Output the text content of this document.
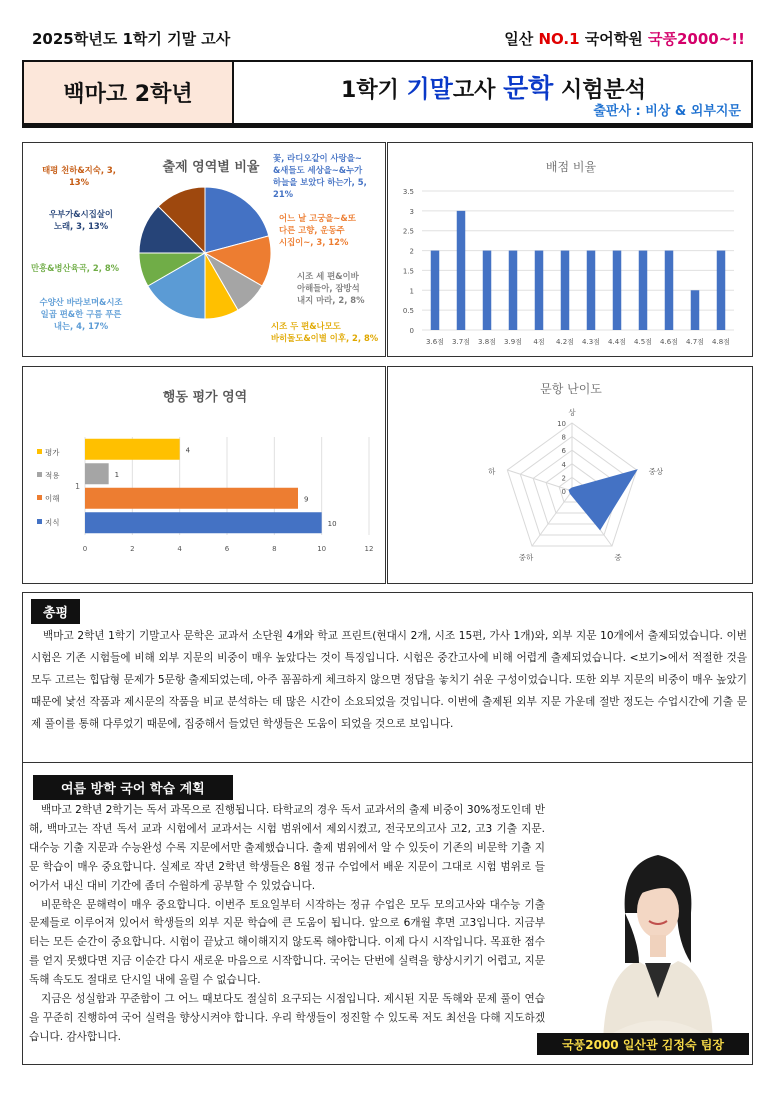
2025학년도 1학기 기말 고사	일산 NO.1 국어학원 국풍2000~!!
백마고 2학년	1학기 기말고사 문학 시험분석
출판사 : 비상 & 외부지문
출제 영역별 비율
꽃, 라디오같이 사랑을~ &새들도 세상을~&누가 하늘을 보았다 하는가, 5, 21%
어느 날 고궁을~&또 다른 고향, 운동주 시집이~, 3, 12%
시조 세 편&이바 아해들아, 잠방석 내지 마라, 2, 8%
시조 두 편&나모도 바히돌도&이별 이후, 2, 8%
수양산 바라보며&시조 일곱 편&한 구름 푸른 내는, 4, 17%
만흥&병산육곡, 2, 8%
우부가&시집살이 노래, 3, 13%
태평 천하&지숙, 3, 13%
배점 비율
0
0.5
1
1.5
2
2.5
3
3.5
3.6점 3.7점 3.8점 3.9점 4점 4.2점 4.3점 4.4점 4.5점 4.6점 4.7점 4.8점
행동 평가 영역
1
0	2	4	6	8	10	12
10
9
1
4
지식
이해
적용
평가
문항 난이도
0
2
4
6
8
10
상
중상
중
중하
하
총평
백마고 2학년 1학기 기말고사 문학은 교과서 소단원 4개와 학교 프린트(현대시 2개, 시조 15편, 가사 1개)와, 외부 지문 10개에서 출제되었습니다. 이번 시험은 기존 시험들에 비해 외부 지문의 비중이 매우 높았다는 것이 특징입니다. 시험은 중간고사에 비해 어렵게 출제되었습니다. <보기>에서 적절한 것을 모두 고르는 힙답형 문제가 5문항 출제되었는데, 아주 꼼꼼하게 체크하지 않으면 정답을 놓치기 쉬운 구성이었습니다. 또한 외부 지문의 비중이 매우 높았기 때문에 낯선 작품과 제시문의 작품을 비교 분석하는 데 많은 시간이 소요되었을 것입니다. 이번에 출제된 외부 지문 가운데 절반 정도는 수업시간에 기출 문제 풀이를 통해 다루었기 때문에, 집중해서 들었던 학생들은 도움이 되었을 것으로 보입니다.
여름 방학 국어 학습 계획

백마고 2학년 2학기는 독서 과목으로 진행됩니다. 타학교의 경우 독서 교과서의 출제 비중이 30%정도인데 반해, 백마고는 작년 독서 교과 시험에서 교과서는 시험 범위에서 제외시켰고, 전국모의고사 고2, 고3 기출 지문. 대수능 기출 지문과 수능완성 수록 지문에서만 출제했습니다. 출제 범위에서 알 수 있듯이 기존의 비문학 기출 지문 학습이 매우 중요합니다. 실제로 작년 2학년 학생들은 8월 정규 수업에서 배운 지문이 그대로 시험 범위로 들어가서 내신 대비 기간에 좀더 수월하게 공부할 수 있었습니다.

비문학은 문해력이 매우 중요합니다. 이번주 토요일부터 시작하는 정규 수업은 모두 모의고사와 대수능 기출 문제들로 이루어져 있어서 학생들의 외부 지문 학습에 큰 도움이 됩니다. 앞으로 6개월 후면 고3입니다. 지금부터는 모든 순간이 중요합니다. 시험이 끝났고 해이해지지 않도록 해야합니다. 이제 다시 시작입니다. 목표한 점수를 얻지 못했다면 지금 이순간 다시 새로운 마음으로 시작합니다. 국어는 단번에 실력을 향상시키기 어렵고, 지문 독해 속도도 절대로 단시일 내에 올릴 수 없습니다.

지금은 성실함과 꾸준함이 그 어느 때보다도 절실히 요구되는 시점입니다. 제시된 지문 독해와 문제 풀이 연습을 꾸준히 진행하여 국어 실력을 향상시켜야 합니다. 우리 학생들이 정진할 수 있도록 저도 최선을 다해 지도하겠습니다. 감사합니다.

국풍2000 일산관 김정숙 팀장
